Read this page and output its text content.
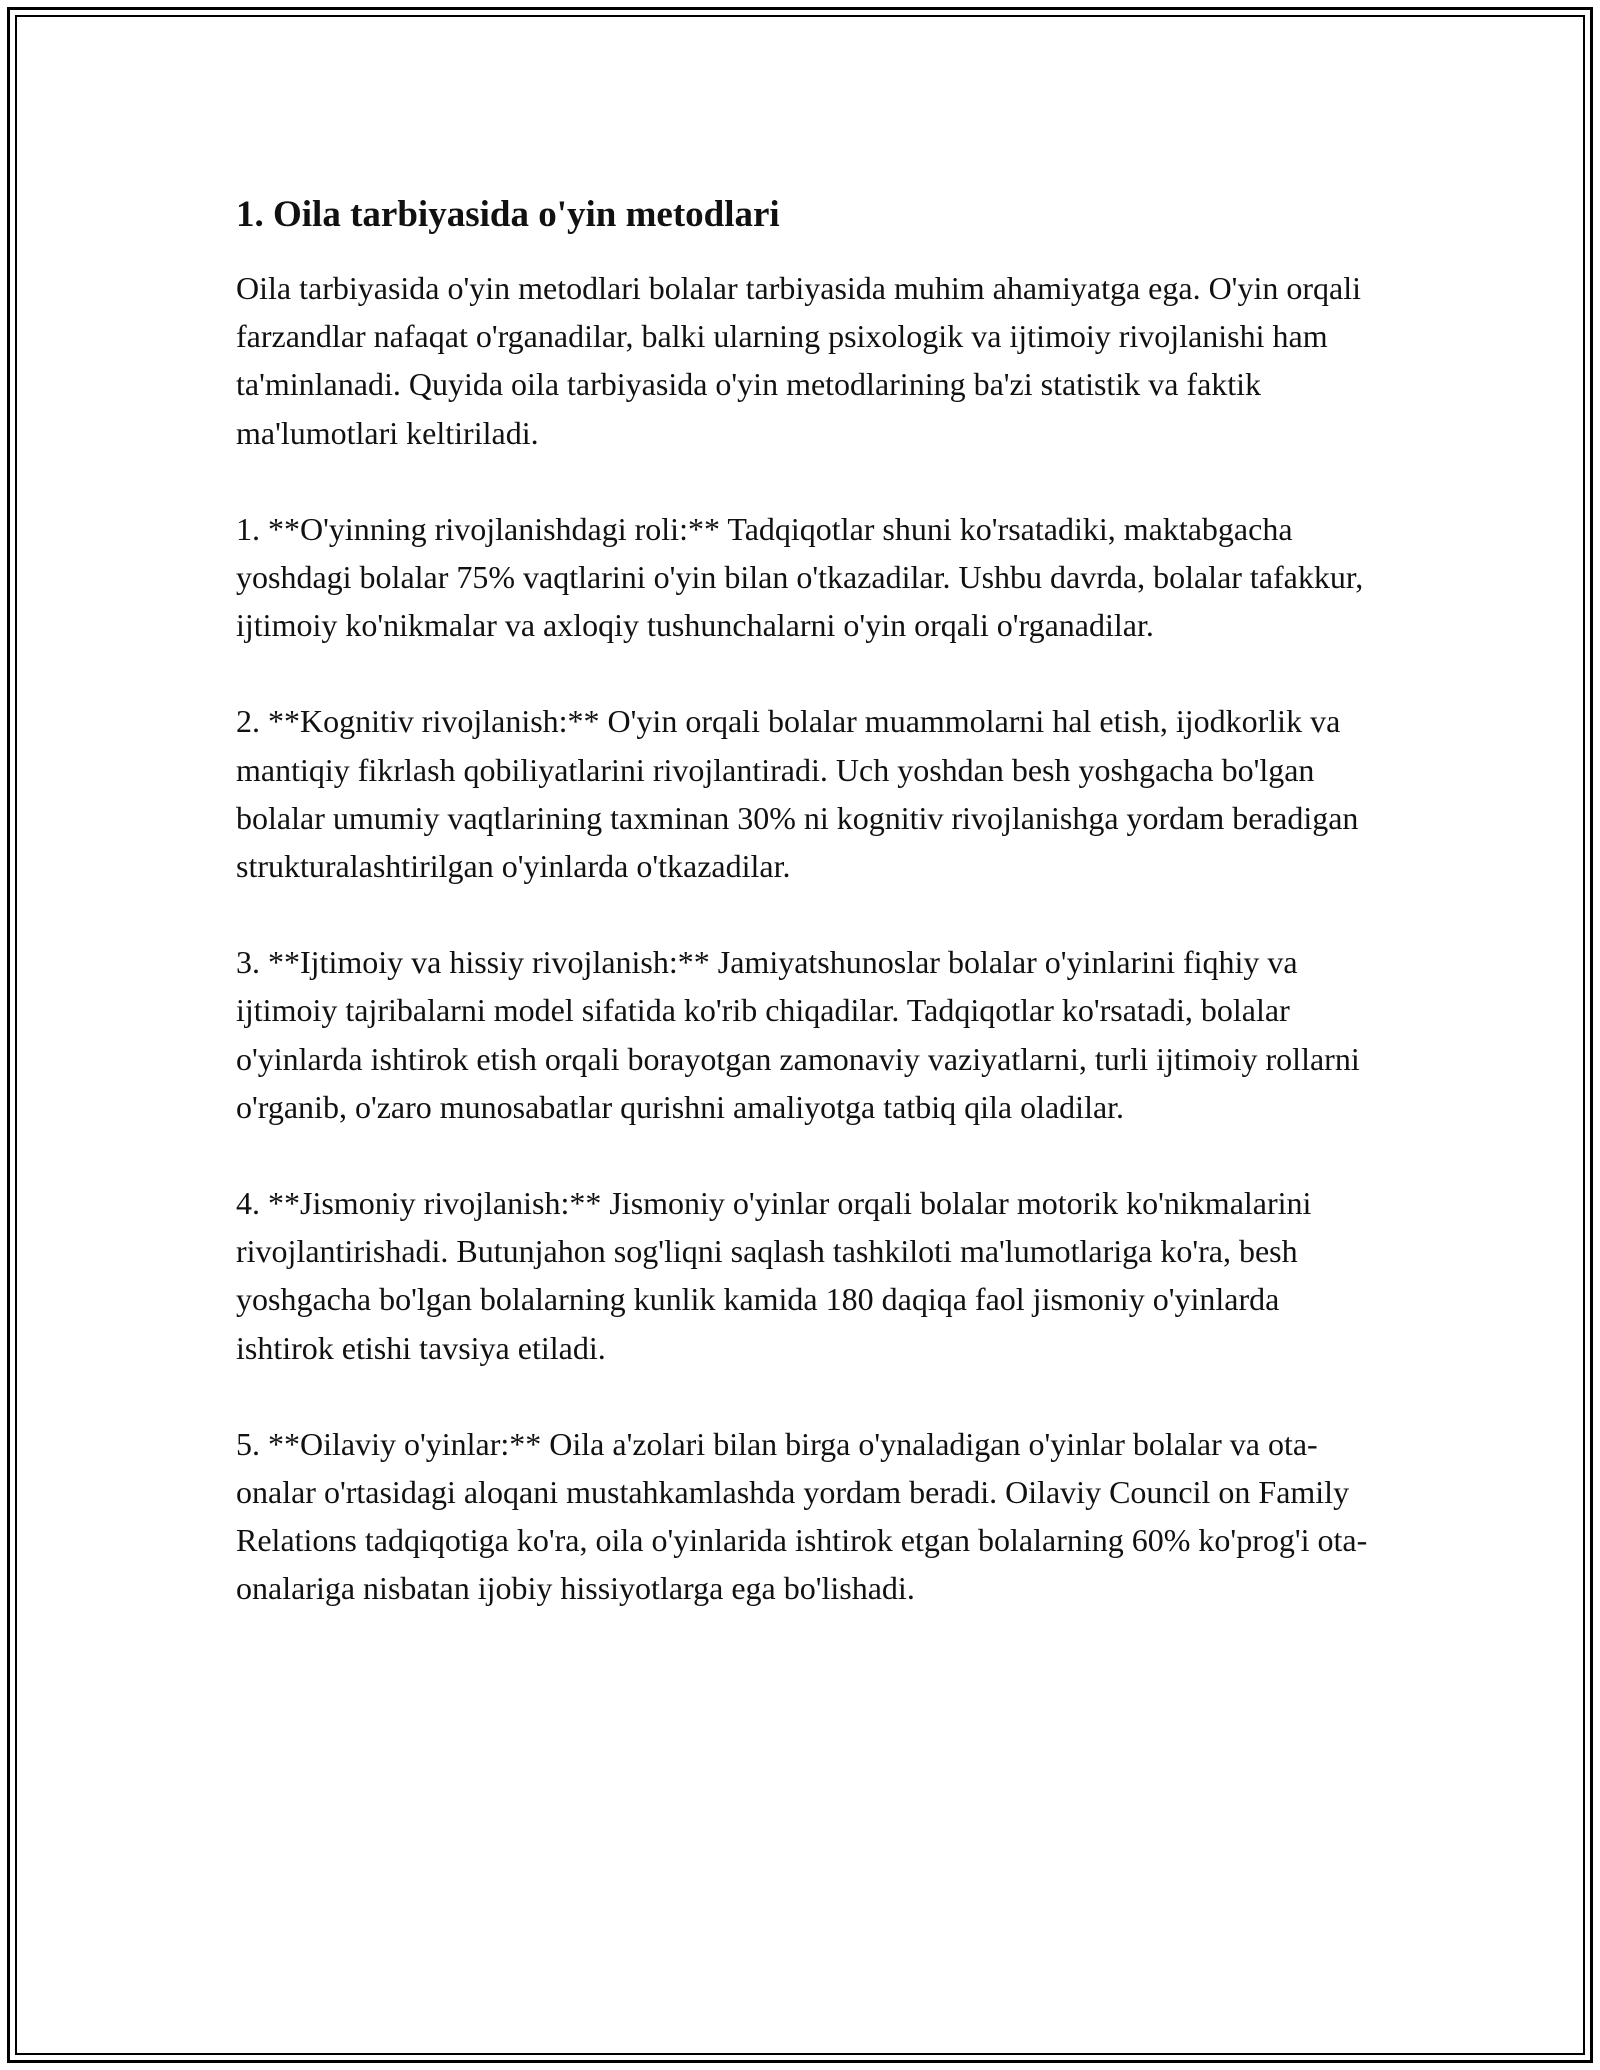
1. Oila tarbiyasida o'yin metodlari

Oila tarbiyasida o'yin metodlari bolalar tarbiyasida muhim ahamiyatga ega. O'yin orqali farzandlar nafaqat o'rganadilar, balki ularning psixologik va ijtimoiy rivojlanishi ham ta'minlanadi. Quyida oila tarbiyasida o'yin metodlarining ba'zi statistik va faktik ma'lumotlari keltiriladi.

1. **O'yinning rivojlanishdagi roli:** Tadqiqotlar shuni ko'rsatadiki, maktabgacha yoshdagi bolalar 75% vaqtlarini o'yin bilan o'tkazadilar. Ushbu davrda, bolalar tafakkur, ijtimoiy ko'nikmalar va axloqiy tushunchalarni o'yin orqali o'rganadilar.

2. **Kognitiv rivojlanish:** O'yin orqali bolalar muammolarni hal etish, ijodkorlik va mantiqiy fikrlash qobiliyatlarini rivojlantiradi. Uch yoshdan besh yoshgacha bo'lgan bolalar umumiy vaqtlarining taxminan 30% ni kognitiv rivojlanishga yordam beradigan strukturalashtirilgan o'yinlarda o'tkazadilar.

3. **Ijtimoiy va hissiy rivojlanish:** Jamiyatshunoslar bolalar o'yinlarini fiqhiy va ijtimoiy tajribalarni model sifatida ko'rib chiqadilar. Tadqiqotlar ko'rsatadi, bolalar o'yinlarda ishtirok etish orqali borayotgan zamonaviy vaziyatlarni, turli ijtimoiy rollarni o'rganib, o'zaro munosabatlar qurishni amaliyotga tatbiq qila oladilar.

4. **Jismoniy rivojlanish:** Jismoniy o'yinlar orqali bolalar motorik ko'nikmalarini rivojlantirishadi. Butunjahon sog'liqni saqlash tashkiloti ma'lumotlariga ko'ra, besh yoshgacha bo'lgan bolalarning kunlik kamida 180 daqiqa faol jismoniy o'yinlarda ishtirok etishi tavsiya etiladi.

5. **Oilaviy o'yinlar:** Oila a'zolari bilan birga o'ynaladigan o'yinlar bolalar va ota-onalar o'rtasidagi aloqani mustahkamlashda yordam beradi. Oilaviy Council on Family Relations tadqiqotiga ko'ra, oila o'yinlarida ishtirok etgan bolalarning 60% ko'prog'i ota-onalariga nisbatan ijobiy hissiyotlarga ega bo'lishadi.
